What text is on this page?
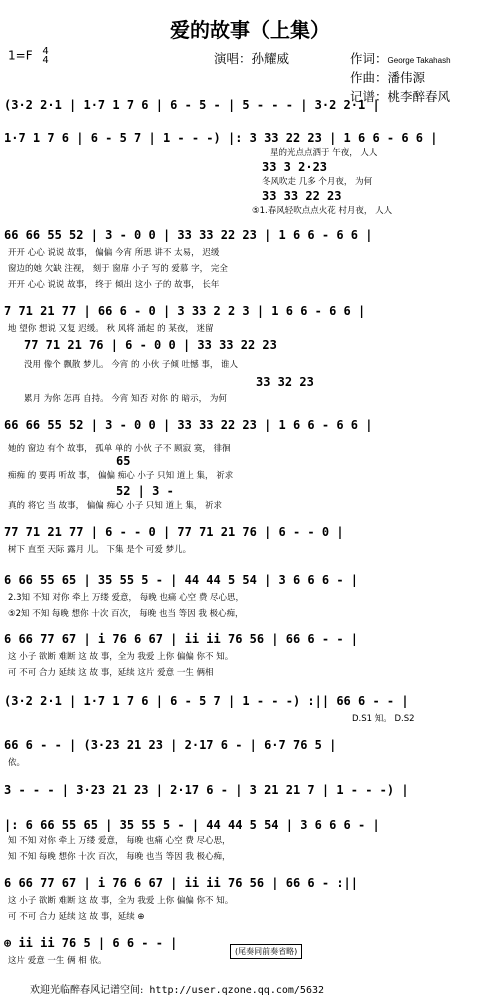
爱的故事（上集）
1=F 4
4	演唱：孙耀威	作词：George Takahash
作曲：潘伟源
记谱：桃李醉春风
(3·2 2·1 | 1·7 1 7 6 | 6 - 5 - | 5 - - - | 3·2 2·1 |
1·7 1 7 6 | 6 - 5 7 | 1 - - -) |: 3 33 22 23 | 1 6 6 - 6 6 |
星的光点点洒于 午夜， 人人
33 3 2·23
冬风吹走 几多 个月夜， 为何
33 33 22 23
⑤1.春风轻吹点点火花 村月夜， 人人
66 66 55 52 | 3 - 0 0 | 33 33 22 23 | 1 6 6 - 6 6 |
开开 心心 说说 故事， 偏偏 今宵 所思 讲不 太易， 迟缓
窗边的她 欠缺 注视， 刻于 窗扉 小子 写的 爱慕 字， 完全
开开 心心 说说 故事， 终于 倾出 这小 子的 故事， 长年
7 71 21 77 | 66 6 - 0 | 3 33 2 2 3 | 1 6 6 - 6 6 |
地 望你 想说 又复 迟缓。 秋 风将 涌起 的 某夜， 迷留
77 71 21 76 | 6 - 0 0 | 33 33 22 23
没用 像个 飘散 梦儿。 今宵 的 小伙 子倾 吐憾 事， 谁人
33 32 23
累月 为你 怎再 自持。 今宵 知否 对你 的 暗示， 为何
66 66 55 52 | 3 - 0 0 | 33 33 22 23 | 1 6 6 - 6 6 |
她的 窗边 有个 故事， 孤单 单的 小伙 子不 顾寂 寞， 徘徊
65
痴痴 的 要再 听故 事， 偏偏 痴心 小子 只知 道上 集， 祈求
52 | 3 -
真的 将它 当 故事， 偏偏 痴心 小子 只知 道上 集， 祈求
77 71 21 77 | 6 - - 0 | 77 71 21 76 | 6 - - 0 |
树下 直至 天际 露月 儿。 下集 是个 可爱 梦儿。
6 66 55 65 | 35 55 5 - | 44 44 5 54 | 3 6 6 6 - |
2.3知 不知 对你 牵上 万缕 爱意， 每晚 也痛 心空 费 尽心思，
⑤2知 不知 每晚 想你 十次 百次， 每晚 也当 等因 我 极心痴，
6 66 77 67 | i 76 6 67 | ii ii 76 56 | 66 6 - - |
这 小子 欲断 难断 这 故 事，全为 我爱 上你 偏偏 你不 知。
可 不可 合力 延续 这 故 事，延续 这片 爱意 一生 俩相
(3·2 2·1 | 1·7 1 7 6 | 6 - 5 7 | 1 - - -) :|| 66 6 - - |
D.S1 知。 D.S2
66 6 - - | (3·23 21 23 | 2·17 6 - | 6·7 76 5 |
依。
3 - - - | 3·23 21 23 | 2·17 6 - | 3 21 21 7 | 1 - - -) |
|: 6 66 55 65 | 35 55 5 - | 44 44 5 54 | 3 6 6 6 - |
知 不知 对你 牵上 万缕 爱意， 每晚 也痛 心空 费 尽心思，
知 不知 每晚 想你 十次 百次， 每晚 也当 等因 我 极心痴，
6 66 77 67 | i 76 6 67 | ii ii 76 56 | 66 6 - :||
这 小子 欲断 难断 这 故 事，全为 我爱 上你 偏偏 你不 知。
可 不可 合力 延续 这 故 事，延续 ⊕
⊕ ii ii 76 5 | 6 6 - - |
这片 爱意 一生 俩 相 依。
(尾奏同前奏省略)
欢迎光临醉春风记谱空间: http://user.qzone.qq.com/5632
